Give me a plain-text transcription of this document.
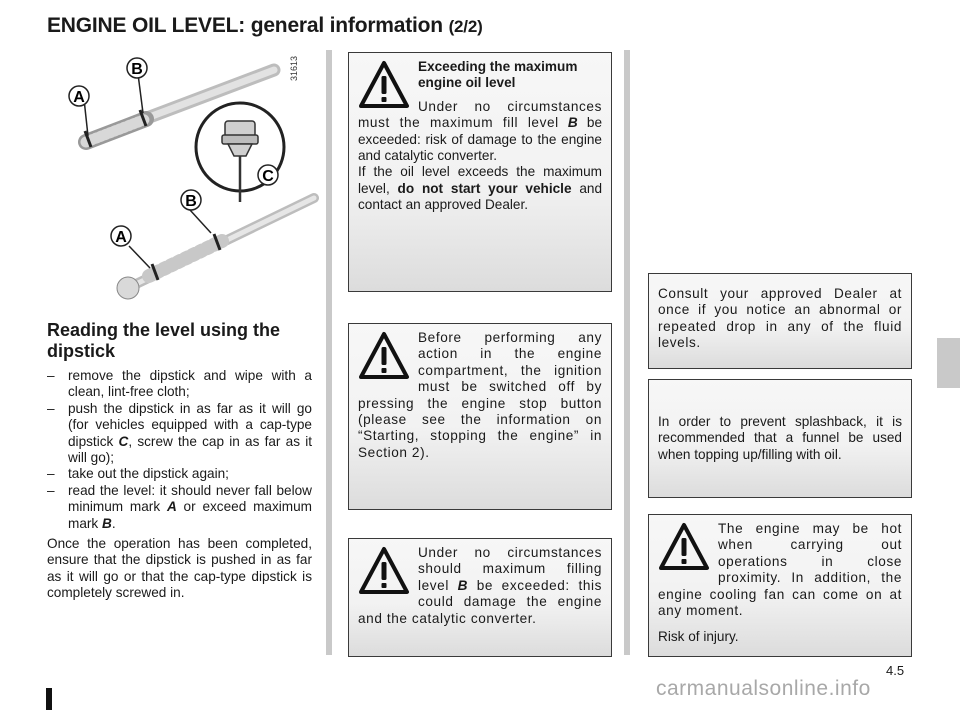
ENGINE OIL LEVEL: general information (2/2)
A
B
A
B
C
31613
Reading the level using the dipstick
– remove the dipstick and wipe with a clean, lint-free cloth;
– push the dipstick in as far as it will go (for vehicles equipped with a cap-type dipstick C, screw the cap in as far as it will go);
– take out the dipstick again;
– read the level: it should never fall below minimum mark A or exceed maximum mark B.

Once the operation has been completed, ensure that the dipstick is pushed in as far as it will go or that the cap-type dipstick is completely screwed in.

Exceeding the maximum engine oil level

Under no circumstances must the maximum fill level B be exceeded: risk of damage to the engine and catalytic converter.

If the oil level exceeds the maximum level, do not start your vehicle and contact an approved Dealer.

Before performing any action in the engine compartment, the ignition must be switched off by pressing the engine stop button (please see the information on “Starting, stopping the engine” in Section 2).

Under no circumstances should maximum filling level B be exceeded: this could damage the engine and the catalytic converter.

Consult your approved Dealer at once if you notice an abnormal or repeated drop in any of the fluid levels.

In order to prevent splashback, it is recommended that a funnel be used when topping up/filling with oil.

The engine may be hot when carrying out operations in close proximity. In addition, the engine cooling fan can come on at any moment.

Risk of injury.

4.5
carmanualsonline.info
